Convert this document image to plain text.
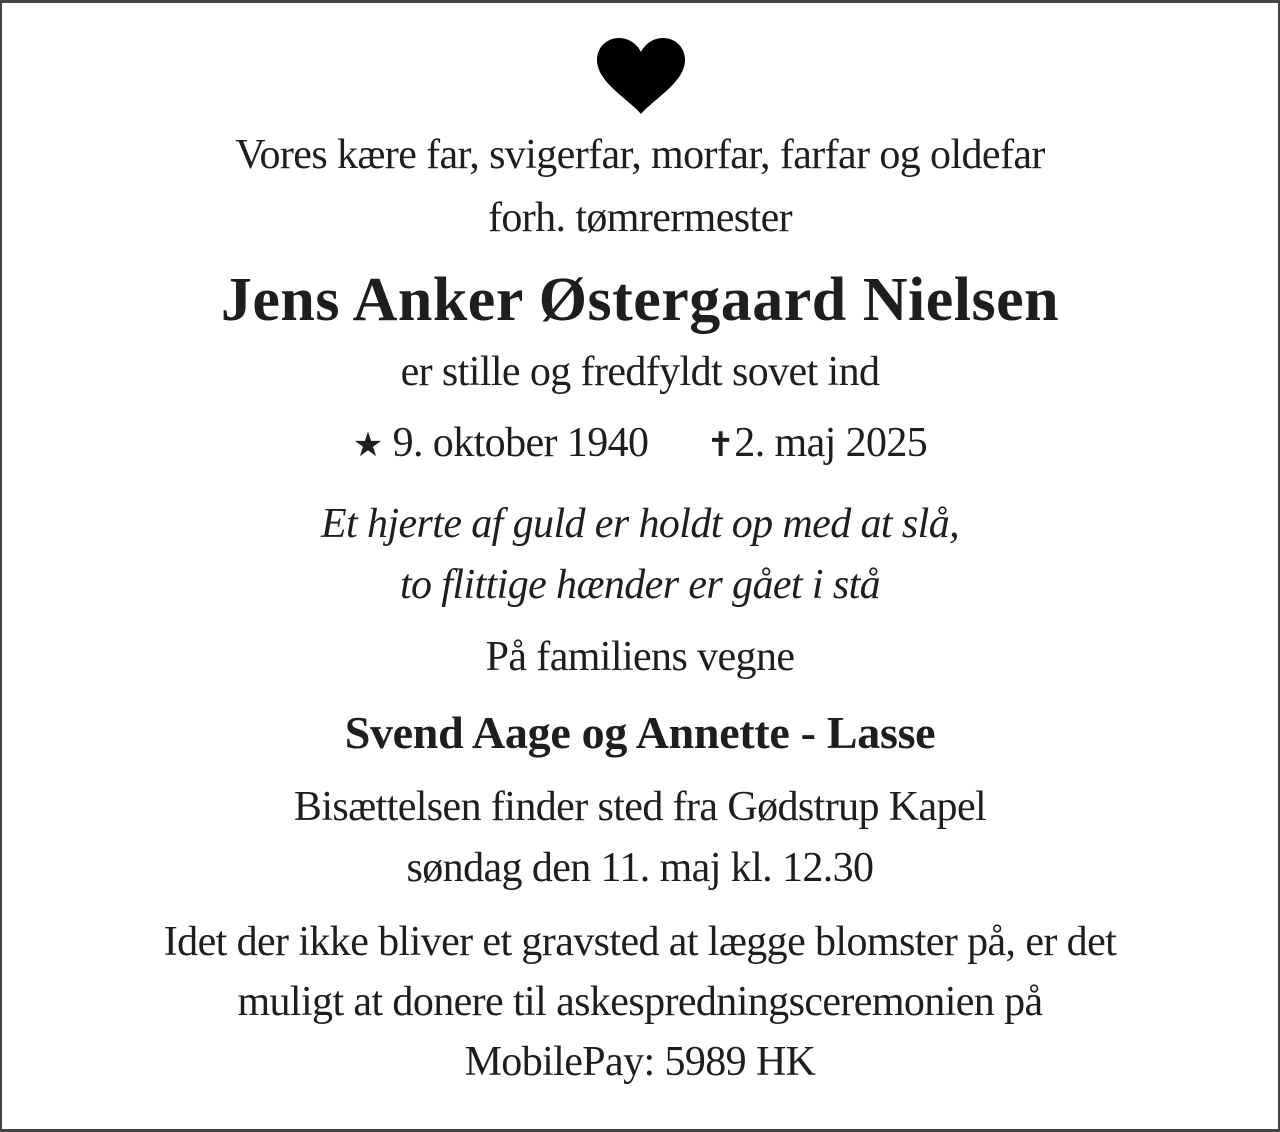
Vores kære far, svigerfar, morfar, farfar og oldefar
forh. tømrermester
Jens Anker Østergaard Nielsen
er stille og fredfyldt sovet ind
★ 9. oktober 1940 ✝2. maj 2025
Et hjerte af guld er holdt op med at slå,
to flittige hænder er gået i stå
På familiens vegne
Svend Aage og Annette - Lasse
Bisættelsen finder sted fra Gødstrup Kapel
søndag den 11. maj kl. 12.30
Idet der ikke bliver et gravsted at lægge blomster på, er det
muligt at donere til askespredningsceremonien på
MobilePay: 5989 HK
